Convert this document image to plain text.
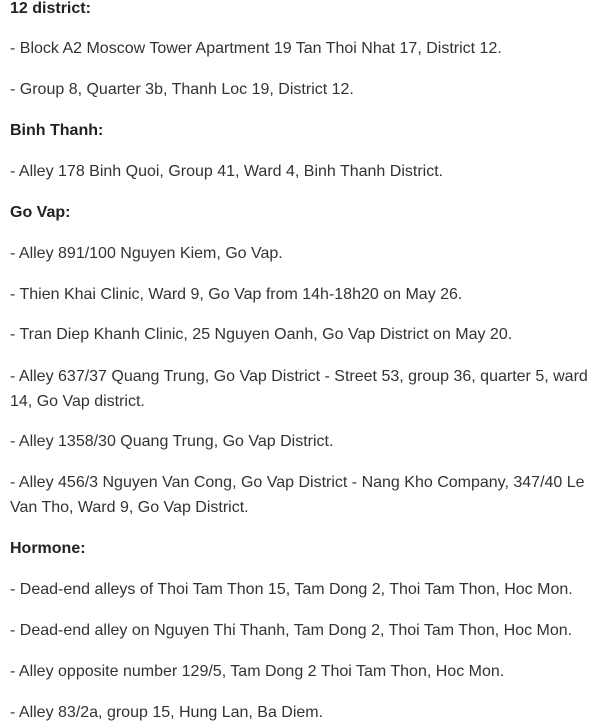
12 district:

- Block A2 Moscow Tower Apartment 19 Tan Thoi Nhat 17, District 12.

- Group 8, Quarter 3b, Thanh Loc 19, District 12.

Binh Thanh:

- Alley 178 Binh Quoi, Group 41, Ward 4, Binh Thanh District.

Go Vap:

- Alley 891/100 Nguyen Kiem, Go Vap.

- Thien Khai Clinic, Ward 9, Go Vap from 14h-18h20 on May 26.

- Tran Diep Khanh Clinic, 25 Nguyen Oanh, Go Vap District on May 20.

- Alley 637/37 Quang Trung, Go Vap District - Street 53, group 36, quarter 5, ward 14, Go Vap district.

- Alley 1358/30 Quang Trung, Go Vap District.

- Alley 456/3 Nguyen Van Cong, Go Vap District - Nang Kho Company, 347/40 Le Van Tho, Ward 9, Go Vap District.

Hormone:

- Dead-end alleys of Thoi Tam Thon 15, Tam Dong 2, Thoi Tam Thon, Hoc Mon.

- Dead-end alley on Nguyen Thi Thanh, Tam Dong 2, Thoi Tam Thon, Hoc Mon.

- Alley opposite number 129/5, Tam Dong 2 Thoi Tam Thon, Hoc Mon.

- Alley 83/2a, group 15, Hung Lan, Ba Diem.
